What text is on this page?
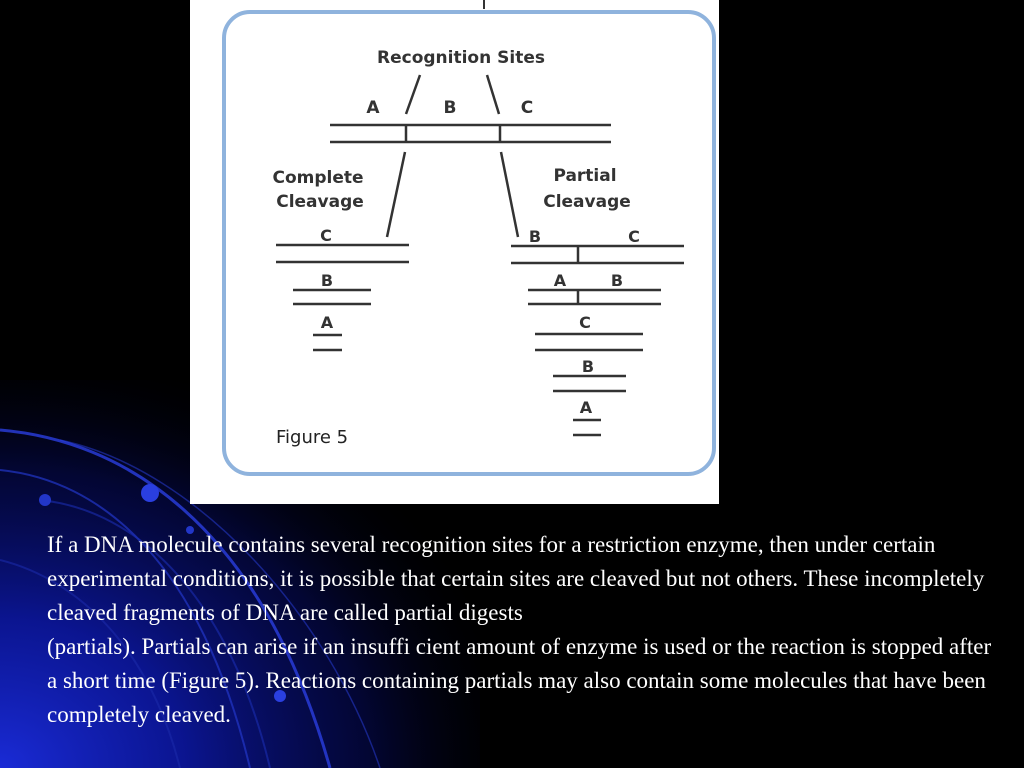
Recognition Sites
A	B	C
Complete
Cleavage
Partial
Cleavage
C
B
A
B	C
A	B
C
B
A
Figure 5

If a DNA molecule contains several recognition sites for a restriction enzyme, then under certain experimental conditions, it is possible that certain sites are cleaved but not others. These incompletely cleaved fragments of DNA are called partial digests

(partials). Partials can arise if an insuffi cient amount of enzyme is used or the reaction is stopped after a short time (Figure 5). Reactions containing partials may also contain some molecules that have been completely cleaved.
